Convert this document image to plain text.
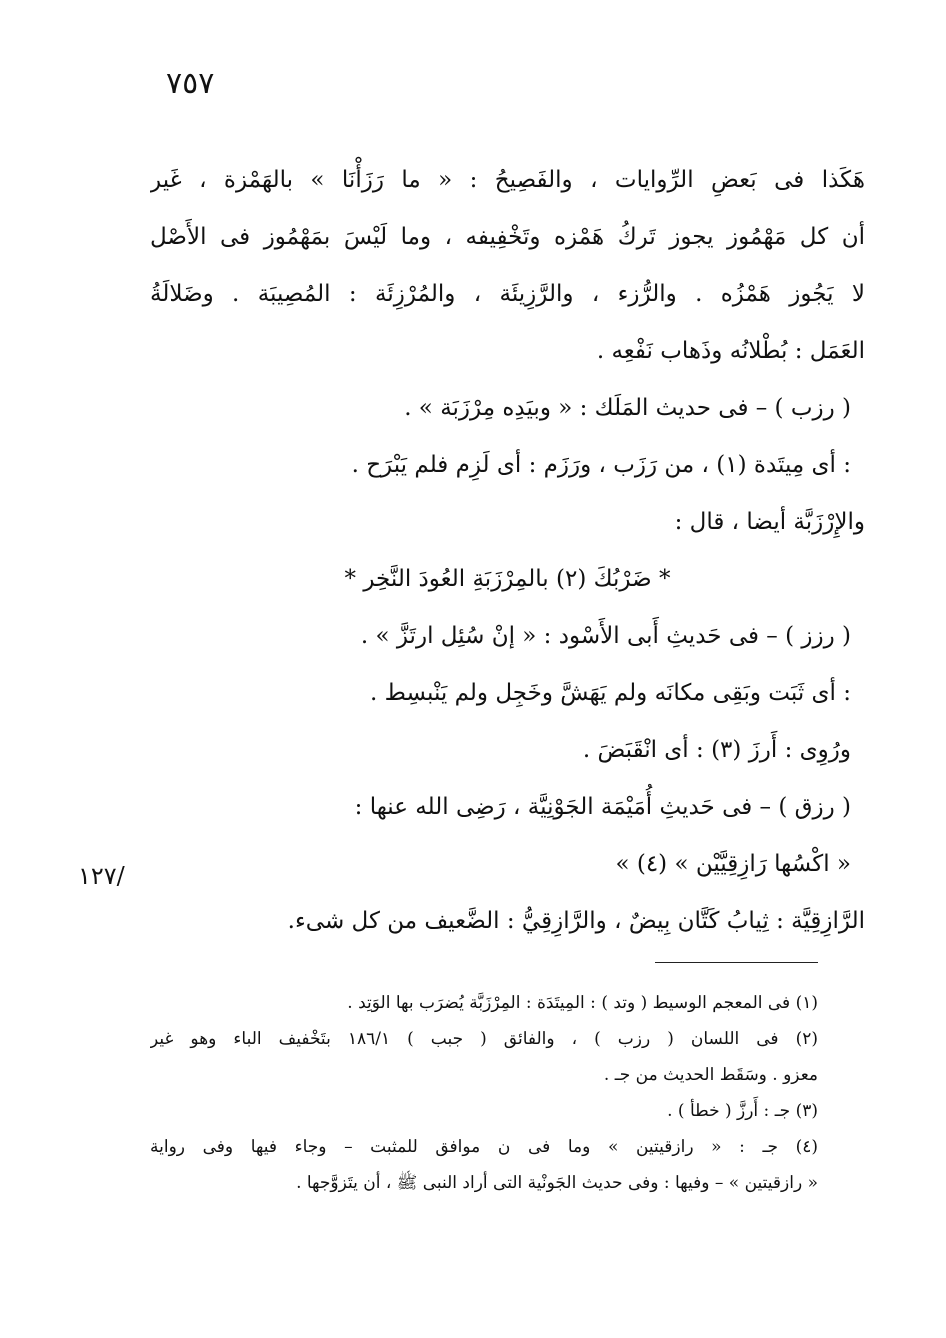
٧٥٧
هَكَذا فى بَعضِ الرِّوايات ، والفَصِيحُ : « ما رَزَأْنَا » بالهَمْزة ، غَير
أن كل مَهْمُوز يجوز تَركُ هَمْزه وتَخْفِيفه ، وما لَيْسَ بمَهْمُوز فى الأَصْل
لا يَجُوز هَمْزُه . والرُّزء ، والرَّزِيئَة ، والمُرْزِئَة : المُصِيبَة . وضَلالَةُ
العَمَل : بُطْلانُه وذَهاب نَفْعِه .
( رزب ) – فى حديث المَلَك : « وبيَدِه مِرْزَبَة » .
: أى مِيتَدة (١) ، من رَزَب ، ورَزَم : أى لَزِم فلم يَبْرَح .
والإِرْزَبَّة أيضا ، قال :
* ضَرْبُكَ (٢) بالمِرْزَبَةِ العُودَ النَّخِر *
( رزز ) – فى حَديثِ أَبى الأَسْود : « إنْ سُئِل ارتَزَّ » .
: أى ثَبَت وبَقِى مكانَه ولم يَهَشَّ وخَجِل ولم يَنْبسِط .
ورُوِى : أَرزَ (٣) : أى انْقَبَضَ .
( رزق ) – فى حَديثِ أُمَيْمَة الجَوْنِيَّة ، رَضِى الله عنها :
« اكْسُها رَازِقِيَّيْن » (٤) »
الرَّازِقِيَّة : ثِيابُ كَتَّان بِيضٌ ، والرَّازِقِيُّ : الضَّعيف من كل شىء.
/١٢٧
(١) فى المعجم الوسيط ( وتد ) : المِيتَدَة : المِرْزَبَّة يُضرَب بها الوَتِد .
(٢) فى اللسان ( رزب ) ، والفائق ( جبب ) ١٨٦/١ بتَخْفيف الباء وهو غير
معزو . وسَقَط الحديث من جـ .
(٣) جـ : أَرزَّ ( خطأ ) .
(٤) جـ : « رازقيتين » وما فى ن موافق للمثبت – وجاء فيها وفى رواية
« رازقيتين » – وفيها : وفى حديث الجَونْية التى أراد النبى ﷺ ، أن يتَزوَّجها .
